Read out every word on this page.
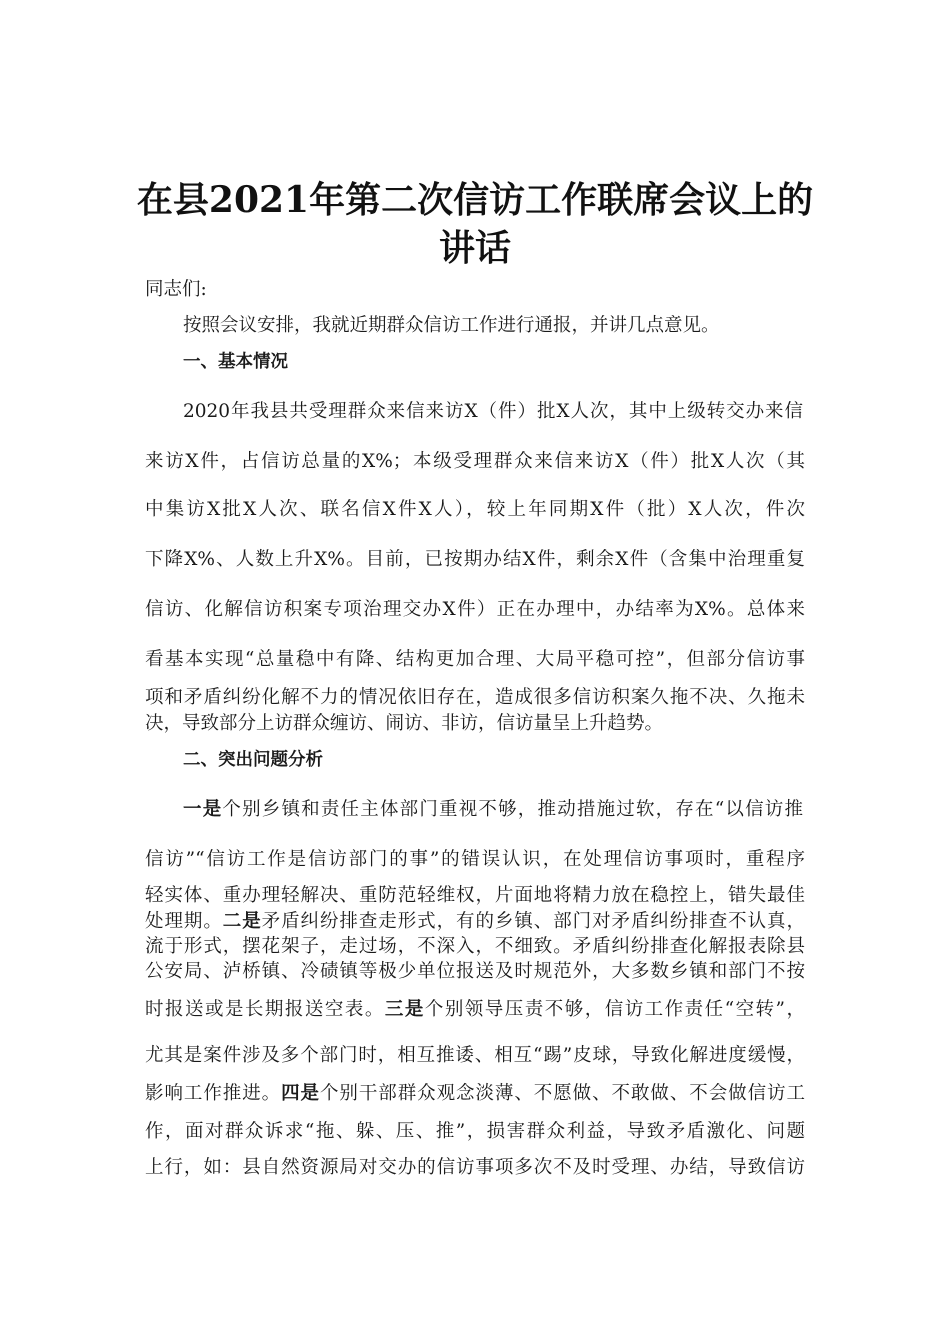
在县2021年第二次信访工作联席会议上的
讲话

同志们:

按照会议安排，我就近期群众信访工作进行通报，并讲几点意见。

一、基本情况

2020年我县共受理群众来信来访X（件）批X人次，其中上级转交办来信

来访X件，占信访总量的X%；本级受理群众来信来访X（件）批X人次（其

中集访X批X人次、联名信X件X人），较上年同期X件（批）X人次，件次

下降X%、人数上升X%。目前，已按期办结X件，剩余X件（含集中治理重复

信访、化解信访积案专项治理交办X件）正在办理中，办结率为X%。总体来

看基本实现“总量稳中有降、结构更加合理、大局平稳可控”，但部分信访事

项和矛盾纠纷化解不力的情况依旧存在，造成很多信访积案久拖不决、久拖未

决，导致部分上访群众缠访、闹访、非访，信访量呈上升趋势。

二、突出问题分析

一是个别乡镇和责任主体部门重视不够，推动措施过软，存在“以信访推

信访”“信访工作是信访部门的事”的错误认识，在处理信访事项时，重程序

轻实体、重办理轻解决、重防范轻维权，片面地将精力放在稳控上，错失最佳

处理期。二是矛盾纠纷排查走形式，有的乡镇、部门对矛盾纠纷排查不认真，

流于形式，摆花架子，走过场，不深入，不细致。矛盾纠纷排查化解报表除县

公安局、泸桥镇、冷碛镇等极少单位报送及时规范外，大多数乡镇和部门不按

时报送或是长期报送空表。三是个别领导压责不够，信访工作责任“空转”，

尤其是案件涉及多个部门时，相互推诿、相互“踢”皮球，导致化解进度缓慢，

影响工作推进。四是个别干部群众观念淡薄、不愿做、不敢做、不会做信访工

作，面对群众诉求“拖、躲、压、推”，损害群众利益，导致矛盾激化、问题

上行，如：县自然资源局对交办的信访事项多次不及时受理、办结，导致信访
